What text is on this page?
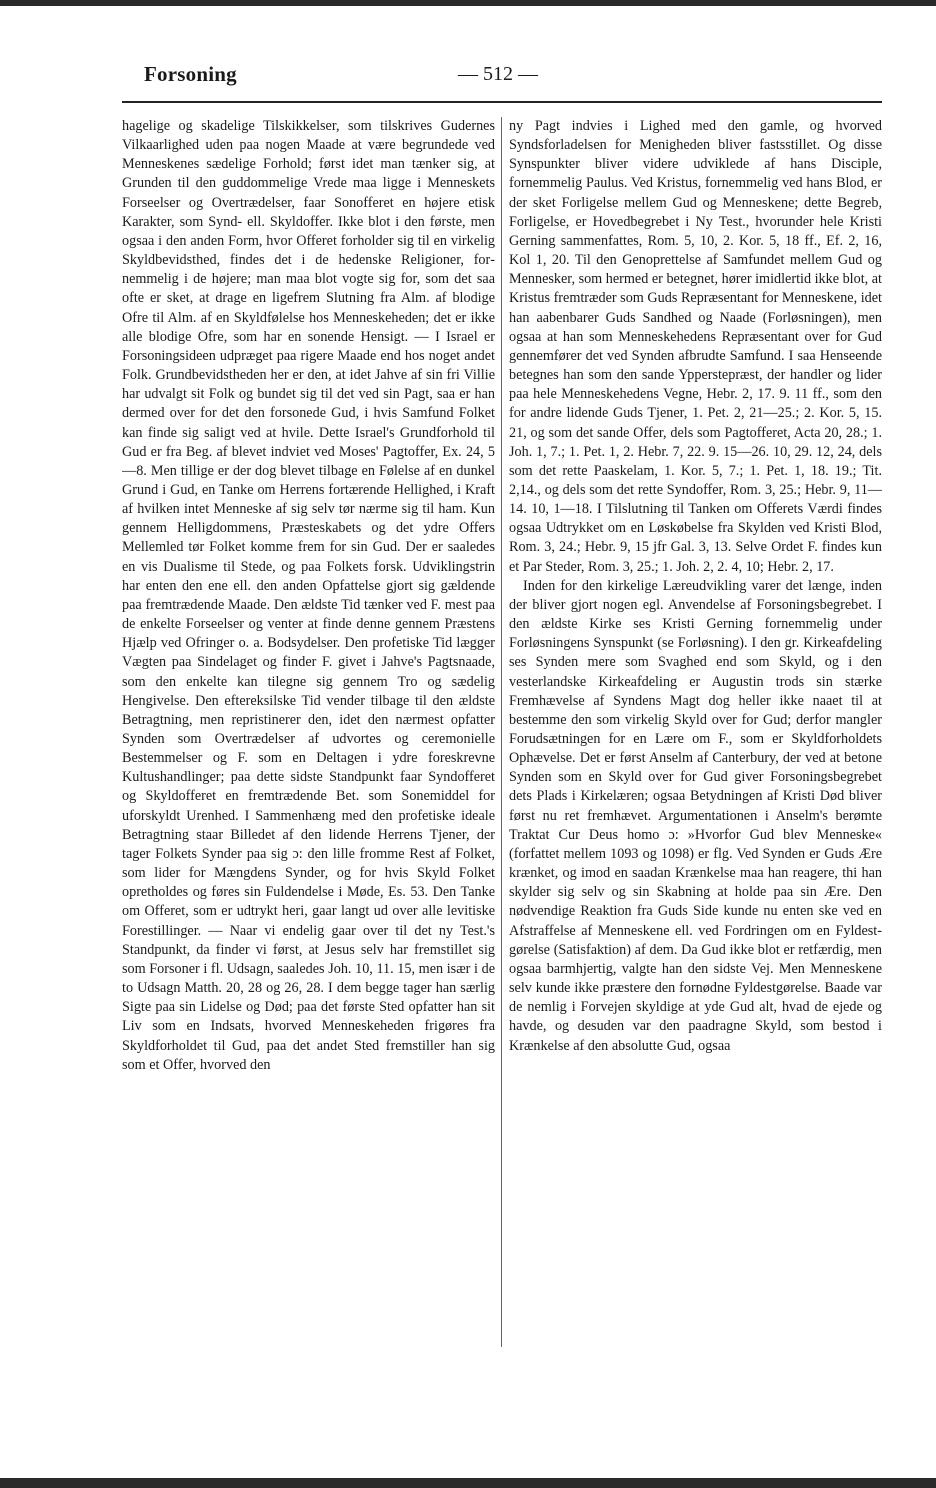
Forsoning	— 512 —

hagelige og skadelige Tilskikkelser, som tilskrives Gudernes Vilkaarlighed uden paa nogen Maade at være begrundede ved Menneskenes sædelige Forhold; først idet man tænker sig, at Grunden til den guddommelige Vrede maa ligge i Menneskets Forseelser og Overtrædelser, faar Sonofferet en højere etisk Karakter, som Synd- ell. Skyldoffer. Ikke blot i den første, men ogsaa i den anden Form, hvor Offeret forholder sig til en virkelig Skyldbevidsthed, findes det i de hedenske Religioner, fornemmelig i de højere; man maa blot vogte sig for, som det saa ofte er sket, at drage en ligefrem Slutning fra Alm. af blodige Ofre til Alm. af en Skyldfølelse hos Menneskeheden; det er ikke alle blodige Ofre, som har en sonende Hensigt. — I Israel er Forsoningsideen udpræget paa rigere Maade end hos noget andet Folk. Grundbevidstheden her er den, at idet Jahve af sin fri Villie har udvalgt sit Folk og bundet sig til det ved sin Pagt, saa er han dermed over for det den forsonede Gud, i hvis Samfund Folket kan finde sig saligt ved at hvile. Dette Israel's Grundforhold til Gud er fra Beg. af blevet indviet ved Moses' Pagtoffer, Ex. 24, 5—8. Men tillige er der dog blevet tilbage en Følelse af en dunkel Grund i Gud, en Tanke om Herrens fortærende Hellighed, i Kraft af hvilken intet Menneske af sig selv tør nærme sig til ham. Kun gennem Helligdommens, Præsteskabets og det ydre Offers Mellemled tør Folket komme frem for sin Gud. Der er saaledes en vis Dualisme til Stede, og paa Folkets forsk. Udviklingstrin har enten den ene ell. den anden Opfattelse gjort sig gældende paa fremtrædende Maade. Den ældste Tid tænker ved F. mest paa de enkelte Forseelser og venter at finde denne gennem Præstens Hjælp ved Ofringer o. a. Bodsydelser. Den profetiske Tid lægger Vægten paa Sindelaget og finder F. givet i Jahve's Pagtsnaade, som den enkelte kan tilegne sig gennem Tro og sædelig Hengivelse. Den eftereksilske Tid vender tilbage til den ældste Betragtning, men repristinerer den, idet den nærmest opfatter Synden som Overtrædelser af udvortes og ceremonielle Bestemmelser og F. som en Deltagen i ydre foreskrevne Kultushandlinger; paa dette sidste Standpunkt faar Syndofferet og Skyldofferet en fremtrædende Bet. som Sonemiddel for uforskyldt Urenhed. I Sammenhæng med den profetiske ideale Betragtning staar Billedet af den lidende Herrens Tjener, der tager Folkets Synder paa sig ɔ: den lille fromme Rest af Folket, som lider for Mængdens Synder, og for hvis Skyld Folket opretholdes og føres sin Fuldendelse i Møde, Es. 53. Den Tanke om Offeret, som er udtrykt heri, gaar langt ud over alle levitiske Forestillinger. — Naar vi endelig gaar over til det ny Test.'s Standpunkt, da finder vi først, at Jesus selv har fremstillet sig som Forsoner i fl. Udsagn, saaledes Joh. 10, 11. 15, men især i de to Udsagn Matth. 20, 28 og 26, 28. I dem begge tager han særlig Sigte paa sin Lidelse og Død; paa det første Sted opfatter han sit Liv som en Indsats, hvorved Menneskeheden frigøres fra Skyldforholdet til Gud, paa det andet Sted fremstiller han sig som et Offer, hvorved den

ny Pagt indvies i Lighed med den gamle, og hvorved Syndsforladelsen for Menigheden bliver fastsstillet. Og disse Synspunkter bliver videre udviklede af hans Disciple, fornemmelig Paulus. Ved Kristus, fornemmelig ved hans Blod, er der sket Forligelse mellem Gud og Menneskene; dette Begreb, Forligelse, er Hovedbegrebet i Ny Test., hvorunder hele Kristi Gerning sammenfattes, Rom. 5, 10, 2. Kor. 5, 18 ff., Ef. 2, 16, Kol 1, 20. Til den Genoprettelse af Samfundet mellem Gud og Mennesker, som hermed er betegnet, hører imidlertid ikke blot, at Kristus fremtræder som Guds Repræsentant for Menneskene, idet han aabenbarer Guds Sandhed og Naade (Forløsningen), men ogsaa at han som Menneskehedens Repræsentant over for Gud gennemfører det ved Synden afbrudte Samfund. I saa Henseende betegnes han som den sande Ypperstepræst, der handler og lider paa hele Menneskehedens Vegne, Hebr. 2, 17. 9. 11 ff., som den for andre lidende Guds Tjener, 1. Pet. 2, 21—25.; 2. Kor. 5, 15. 21, og som det sande Offer, dels som Pagtofferet, Acta 20, 28.; 1. Joh. 1, 7.; 1. Pet. 1, 2. Hebr. 7, 22. 9. 15—26. 10, 29. 12, 24, dels som det rette Paaskelam, 1. Kor. 5, 7.; 1. Pet. 1, 18. 19.; Tit. 2,14., og dels som det rette Syndoffer, Rom. 3, 25.; Hebr. 9, 11—14. 10, 1—18. I Tilslutning til Tanken om Offerets Værdi findes ogsaa Udtrykket om en Løskøbelse fra Skylden ved Kristi Blod, Rom. 3, 24.; Hebr. 9, 15 jfr Gal. 3, 13. Selve Ordet F. findes kun et Par Steder, Rom. 3, 25.; 1. Joh. 2, 2. 4, 10; Hebr. 2, 17.

Inden for den kirkelige Læreudvikling varer det længe, inden der bliver gjort nogen egl. Anvendelse af Forsoningsbegrebet. I den ældste Kirke ses Kristi Gerning fornemmelig under Forløsningens Synspunkt (se Forløsning). I den gr. Kirkeafdeling ses Synden mere som Svaghed end som Skyld, og i den vesterlandske Kirkeafdeling er Augustin trods sin stærke Fremhævelse af Syndens Magt dog heller ikke naaet til at bestemme den som virkelig Skyld over for Gud; derfor mangler Forudsætningen for en Lære om F., som er Skyldforholdets Ophævelse. Det er først Anselm af Canterbury, der ved at betone Synden som en Skyld over for Gud giver Forsoningsbegrebet dets Plads i Kirkelæren; ogsaa Betydningen af Kristi Død bliver først nu ret fremhævet. Argumentationen i Anselm's berømte Traktat Cur Deus homo ɔ: »Hvorfor Gud blev Menneske« (forfattet mellem 1093 og 1098) er flg. Ved Synden er Guds Ære krænket, og imod en saadan Krænkelse maa han reagere, thi han skylder sig selv og sin Skabning at holde paa sin Ære. Den nødvendige Reaktion fra Guds Side kunde nu enten ske ved en Afstraffelse af Menneskene ell. ved Fordringen om en Fyldestgørelse (Satisfaktion) af dem. Da Gud ikke blot er retfærdig, men ogsaa barmhjertig, valgte han den sidste Vej. Men Menneskene selv kunde ikke præstere den fornødne Fyldestgørelse. Baade var de nemlig i Forvejen skyldige at yde Gud alt, hvad de ejede og havde, og desuden var den paadragne Skyld, som bestod i Krænkelse af den absolutte Gud, ogsaa
